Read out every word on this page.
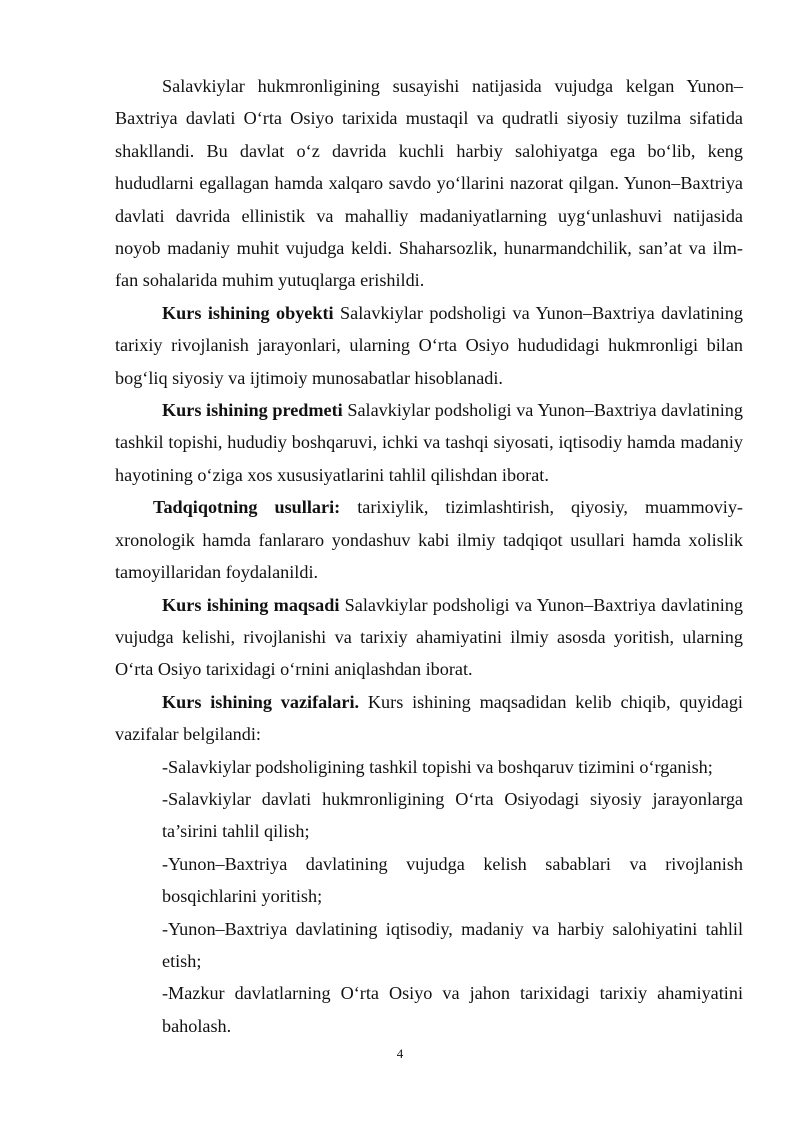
Salavkiylar hukmronligining susayishi natijasida vujudga kelgan Yunon–Baxtriya davlati O‘rta Osiyo tarixida mustaqil va qudratli siyosiy tuzilma sifatida shakllandi. Bu davlat o‘z davrida kuchli harbiy salohiyatga ega bo‘lib, keng hududlarni egallagan hamda xalqaro savdo yo‘llarini nazorat qilgan. Yunon–Baxtriya davlati davrida ellinistik va mahalliy madaniyatlarning uyg‘unlashuvi natijasida noyob madaniy muhit vujudga keldi. Shaharsozlik, hunarmandchilik, san’at va ilm-fan sohalarida muhim yutuqlarga erishildi.

Kurs ishining obyekti Salavkiylar podsholigi va Yunon–Baxtriya davlatining tarixiy rivojlanish jarayonlari, ularning O‘rta Osiyo hududidagi hukmronligi bilan bog‘liq siyosiy va ijtimoiy munosabatlar hisoblanadi.

Kurs ishining predmeti Salavkiylar podsholigi va Yunon–Baxtriya davlatining tashkil topishi, hududiy boshqaruvi, ichki va tashqi siyosati, iqtisodiy hamda madaniy hayotining o‘ziga xos xususiyatlarini tahlil qilishdan iborat.

Tadqiqotning usullari: tarixiylik, tizimlashtirish, qiyosiy, muammoviy-xronologik hamda fanlararo yondashuv kabi ilmiy tadqiqot usullari hamda xolislik tamoyillaridan foydalanildi.

Kurs ishining maqsadi Salavkiylar podsholigi va Yunon–Baxtriya davlatining vujudga kelishi, rivojlanishi va tarixiy ahamiyatini ilmiy asosda yoritish, ularning O‘rta Osiyo tarixidagi o‘rnini aniqlashdan iborat.

Kurs ishining vazifalari. Kurs ishining maqsadidan kelib chiqib, quyidagi vazifalar belgilandi:

-Salavkiylar podsholigining tashkil topishi va boshqaruv tizimini o‘rganish;

-Salavkiylar davlati hukmronligining O‘rta Osiyodagi siyosiy jarayonlarga ta’sirini tahlil qilish;

-Yunon–Baxtriya davlatining vujudga kelish sabablari va rivojlanish bosqichlarini yoritish;

-Yunon–Baxtriya davlatining iqtisodiy, madaniy va harbiy salohiyatini tahlil etish;

-Mazkur davlatlarning O‘rta Osiyo va jahon tarixidagi tarixiy ahamiyatini baholash.

4
